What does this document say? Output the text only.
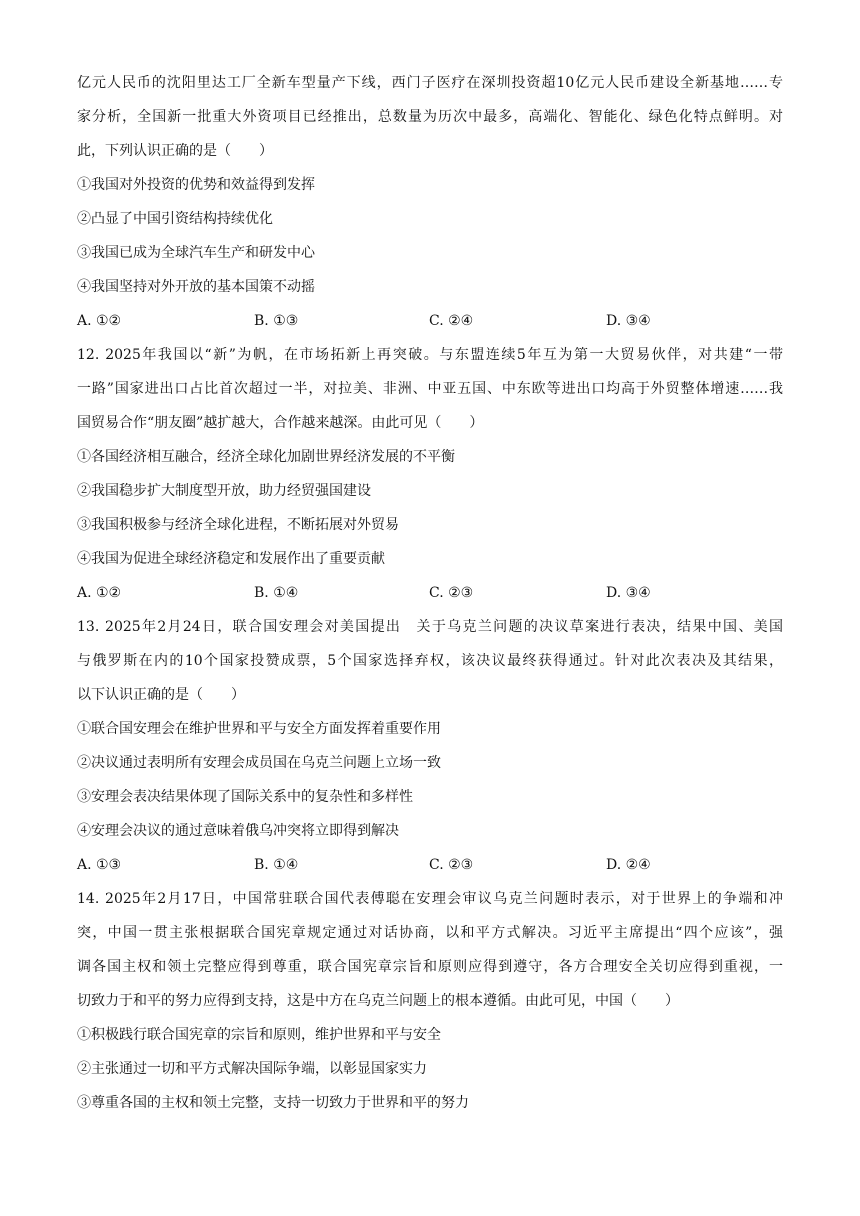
亿元人民币的沈阳里达工厂全新车型量产下线，西门子医疗在深圳投资超10亿元人民币建设全新基地……专
家分析，全国新一批重大外资项目已经推出，总数量为历次中最多，高端化、智能化、绿色化特点鲜明。对
此，下列认识正确的是（　　）
①我国对外投资的优势和效益得到发挥
②凸显了中国引资结构持续优化
③我国已成为全球汽车生产和研发中心
④我国坚持对外开放的基本国策不动摇
A. ①②	B. ①③	C. ②④	D. ③④
12. 2025年我国以“新”为帆，在市场拓新上再突破。与东盟连续5年互为第一大贸易伙伴，对共建“一带
一路”国家进出口占比首次超过一半，对拉美、非洲、中亚五国、中东欧等进出口均高于外贸整体增速……我
国贸易合作“朋友圈”越扩越大，合作越来越深。由此可见（　　）
①各国经济相互融合，经济全球化加剧世界经济发展的不平衡
②我国稳步扩大制度型开放，助力经贸强国建设
③我国积极参与经济全球化进程，不断拓展对外贸易
④我国为促进全球经济稳定和发展作出了重要贡献
A. ①②	B. ①④	C. ②③	D. ③④
13. 2025年2月24日，联合国安理会对美国提出　关于乌克兰问题的决议草案进行表决，结果中国、美国
与俄罗斯在内的10个国家投赞成票，5个国家选择弃权，该决议最终获得通过。针对此次表决及其结果，
以下认识正确的是（　　）
①联合国安理会在维护世界和平与安全方面发挥着重要作用
②决议通过表明所有安理会成员国在乌克兰问题上立场一致
③安理会表决结果体现了国际关系中的复杂性和多样性
④安理会决议的通过意味着俄乌冲突将立即得到解决
A. ①③	B. ①④	C. ②③	D. ②④
14. 2025年2月17日，中国常驻联合国代表傅聪在安理会审议乌克兰问题时表示，对于世界上的争端和冲
突，中国一贯主张根据联合国宪章规定通过对话协商，以和平方式解决。习近平主席提出“四个应该”，强
调各国主权和领土完整应得到尊重，联合国宪章宗旨和原则应得到遵守，各方合理安全关切应得到重视，一
切致力于和平的努力应得到支持，这是中方在乌克兰问题上的根本遵循。由此可见，中国（　　）
①积极践行联合国宪章的宗旨和原则，维护世界和平与安全
②主张通过一切和平方式解决国际争端，以彰显国家实力
③尊重各国的主权和领土完整，支持一切致力于世界和平的努力
